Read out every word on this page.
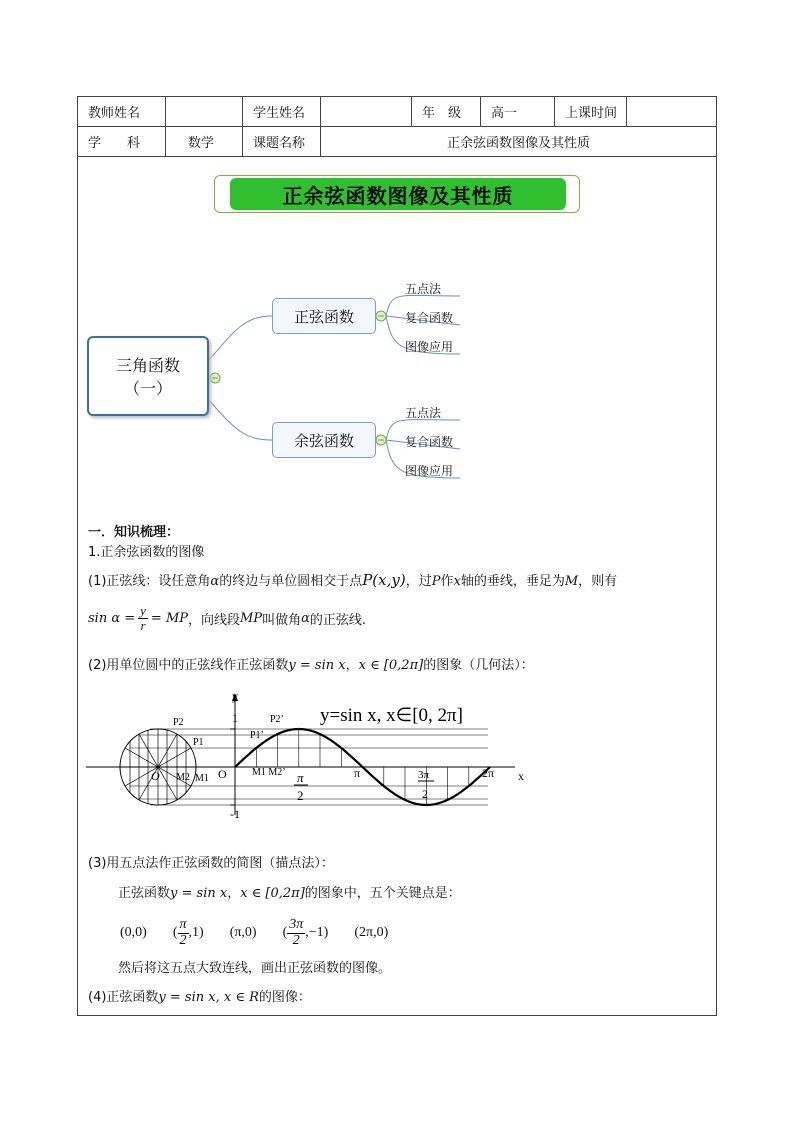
教师姓名		学生姓名		年　级	高一	上课时间	
学　　科	数学	课题名称	正余弦函数图像及其性质				
正余弦函数图像及其性质
三角函数
（一）
正弦函数
余弦函数
五点法
复合函数
图像应用
五点法
复合函数
图像应用
一．知识梳理：
1.正余弦函数的图像
(1)正弦线：设任意角α的终边与单位圆相交于点P(x,y)，过P作x轴的垂线，垂足为M，则有
$\sin \alpha = \frac{y}{r}$ = MP ，向线段 MP 叫做角 α 的正弦线.
(2)用单位圆中的正弦线作正弦函数y = sin x，x ∈ [0,2π]的图象（几何法）：
y
x
1
-1
O
O
P2
P1
P2’
P1’
M2 M1
M1 M2’ π
2
π	3π
2
2π
y=sin x, x∈[0, 2π]
(3)用五点法作正弦函数的简图（描点法）：
正弦函数y = sin x，x ∈ [0,2π]的图象中，五个关键点是：
(0,0) ( $\frac{\pi}{2} ,1$) (π,0) ( $\frac{3\pi}{2} ,-1$) (2π,0)
然后将这五点大致连线，画出正弦函数的图像。
(4)正弦函数y = sin x, x ∈ R的图像：
